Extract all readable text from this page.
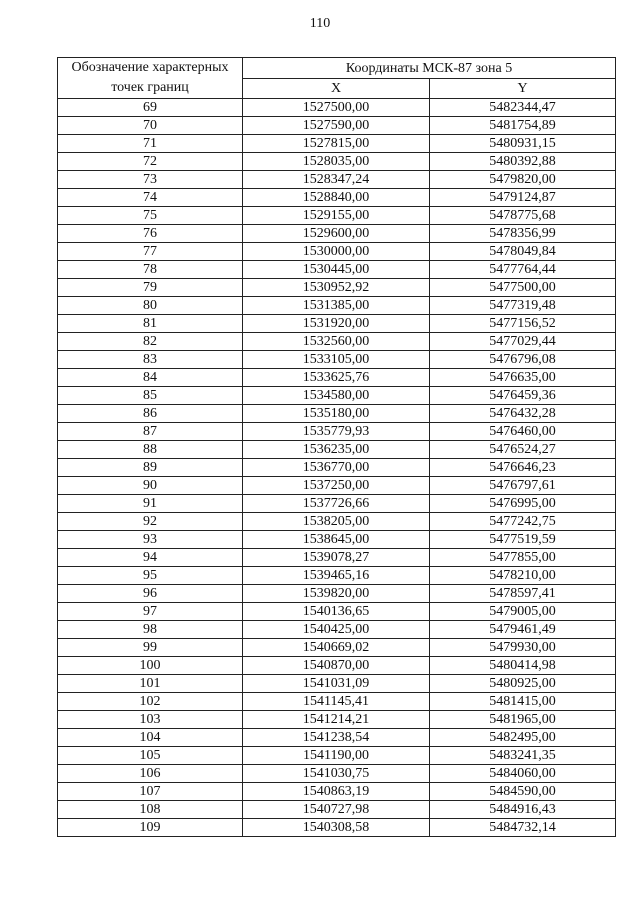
110
Обозначение характерных точек границ	Координаты МСК-87 зона 5	
	X	Y
69	1527500,00	5482344,47
70	1527590,00	5481754,89
71	1527815,00	5480931,15
72	1528035,00	5480392,88
73	1528347,24	5479820,00
74	1528840,00	5479124,87
75	1529155,00	5478775,68
76	1529600,00	5478356,99
77	1530000,00	5478049,84
78	1530445,00	5477764,44
79	1530952,92	5477500,00
80	1531385,00	5477319,48
81	1531920,00	5477156,52
82	1532560,00	5477029,44
83	1533105,00	5476796,08
84	1533625,76	5476635,00
85	1534580,00	5476459,36
86	1535180,00	5476432,28
87	1535779,93	5476460,00
88	1536235,00	5476524,27
89	1536770,00	5476646,23
90	1537250,00	5476797,61
91	1537726,66	5476995,00
92	1538205,00	5477242,75
93	1538645,00	5477519,59
94	1539078,27	5477855,00
95	1539465,16	5478210,00
96	1539820,00	5478597,41
97	1540136,65	5479005,00
98	1540425,00	5479461,49
99	1540669,02	5479930,00
100	1540870,00	5480414,98
101	1541031,09	5480925,00
102	1541145,41	5481415,00
103	1541214,21	5481965,00
104	1541238,54	5482495,00
105	1541190,00	5483241,35
106	1541030,75	5484060,00
107	1540863,19	5484590,00
108	1540727,98	5484916,43
109	1540308,58	5484732,14
